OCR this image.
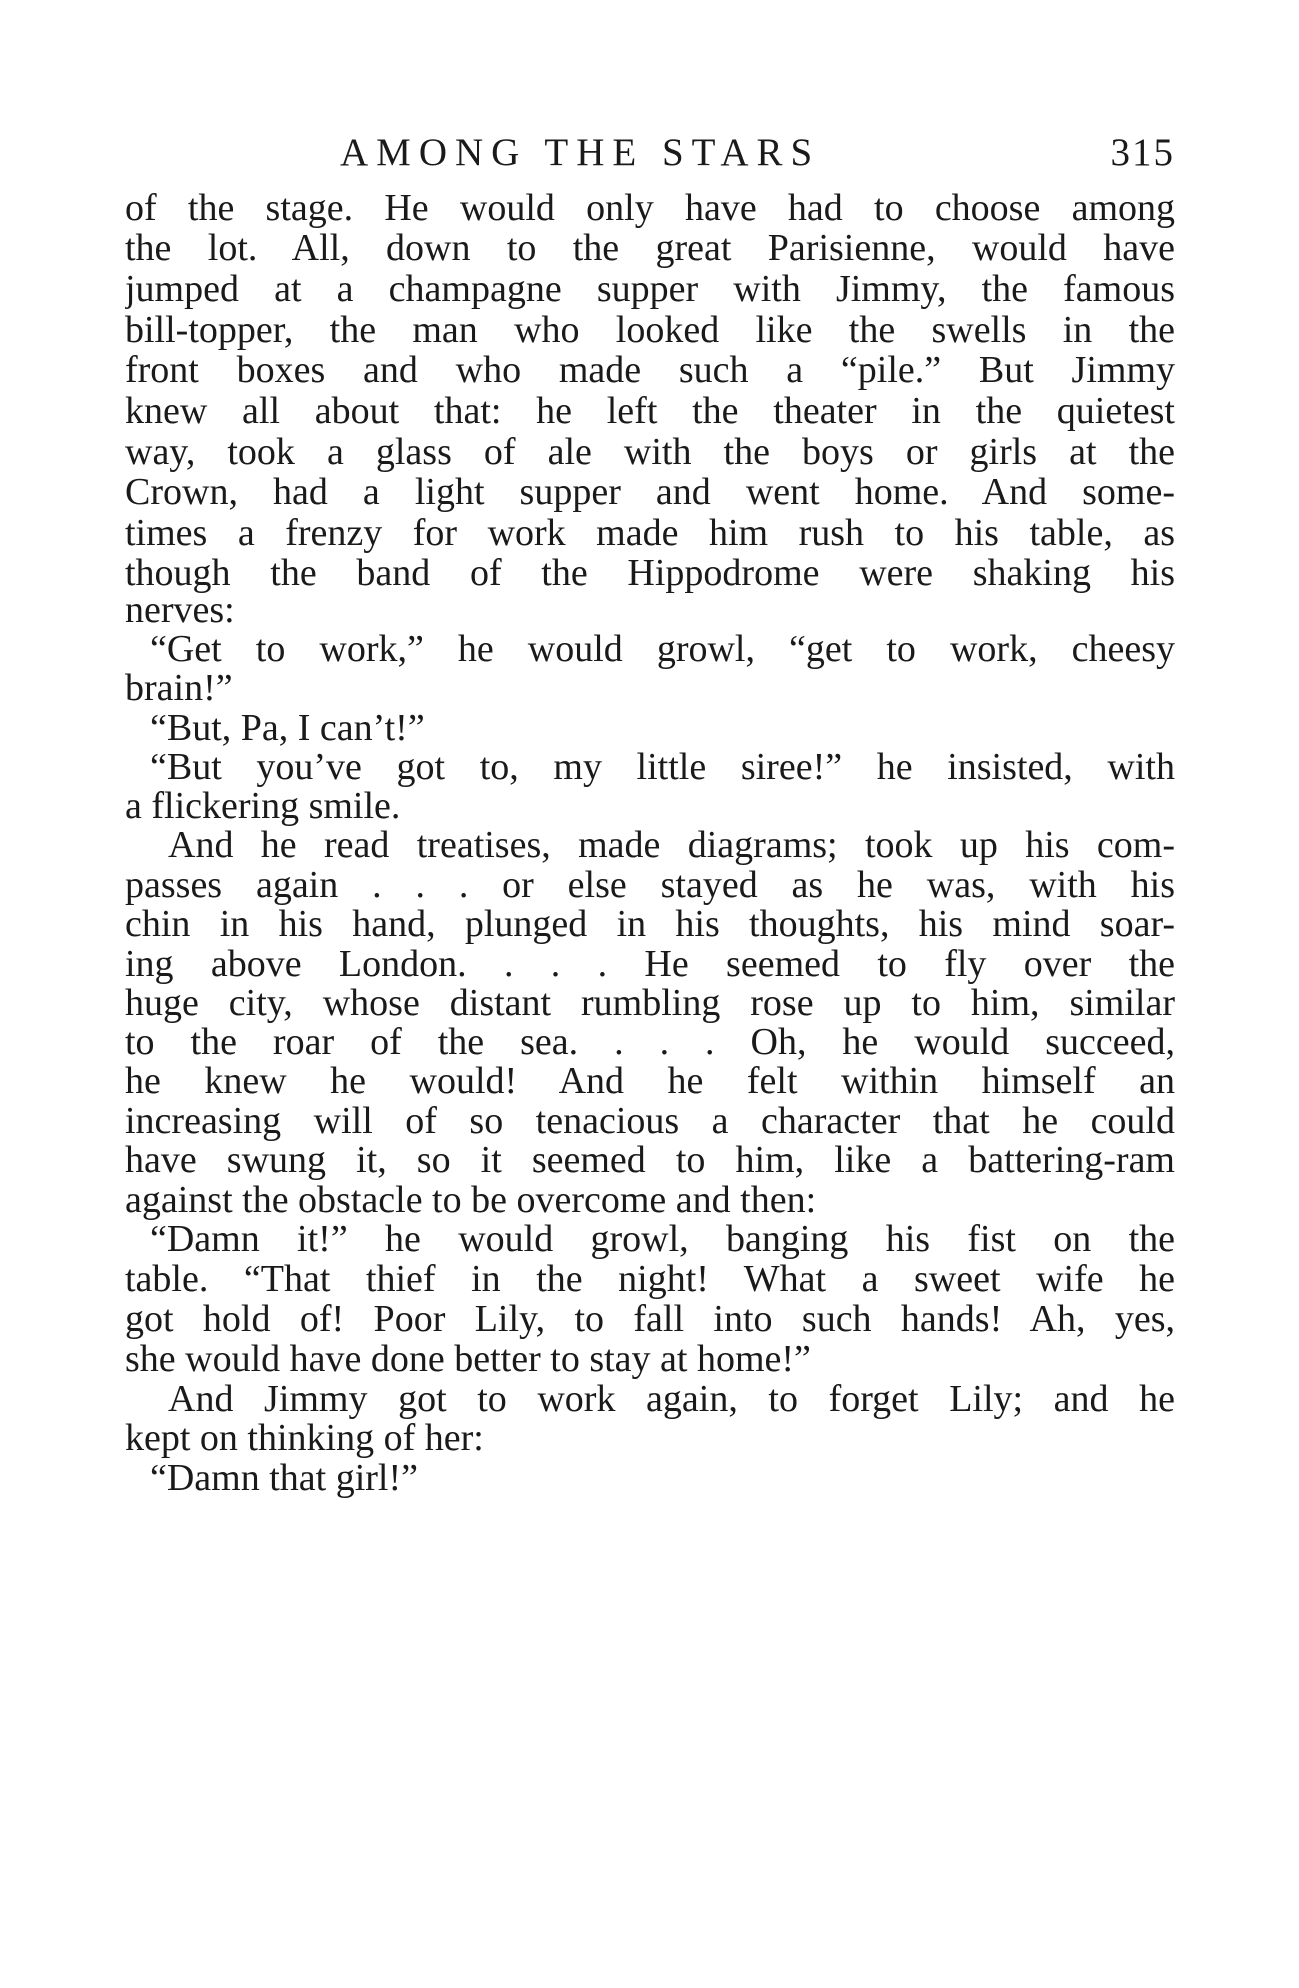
AMONG THE STARS	315
of the stage. He would only have had to choose among
the lot. All, down to the great Parisienne, would have
jumped at a champagne supper with Jimmy, the famous
bill-topper, the man who looked like the swells in the
front boxes and who made such a “pile.” But Jimmy
knew all about that: he left the theater in the quietest
way, took a glass of ale with the boys or girls at the
Crown, had a light supper and went home. And some-
times a frenzy for work made him rush to his table, as
though the band of the Hippodrome were shaking his
nerves:
“Get to work,” he would growl, “get to work, cheesy
brain!”
“But, Pa, I can’t!”
“But you’ve got to, my little siree!” he insisted, with
a flickering smile.
And he read treatises, made diagrams; took up his com-
passes again . . . or else stayed as he was, with his
chin in his hand, plunged in his thoughts, his mind soar-
ing above London. . . . He seemed to fly over the
huge city, whose distant rumbling rose up to him, similar
to the roar of the sea. . . . Oh, he would succeed,
he knew he would! And he felt within himself an
increasing will of so tenacious a character that he could
have swung it, so it seemed to him, like a battering-ram
against the obstacle to be overcome and then:
“Damn it!” he would growl, banging his fist on the
table. “That thief in the night! What a sweet wife he
got hold of! Poor Lily, to fall into such hands! Ah, yes,
she would have done better to stay at home!”
And Jimmy got to work again, to forget Lily; and he
kept on thinking of her:
“Damn that girl!”
